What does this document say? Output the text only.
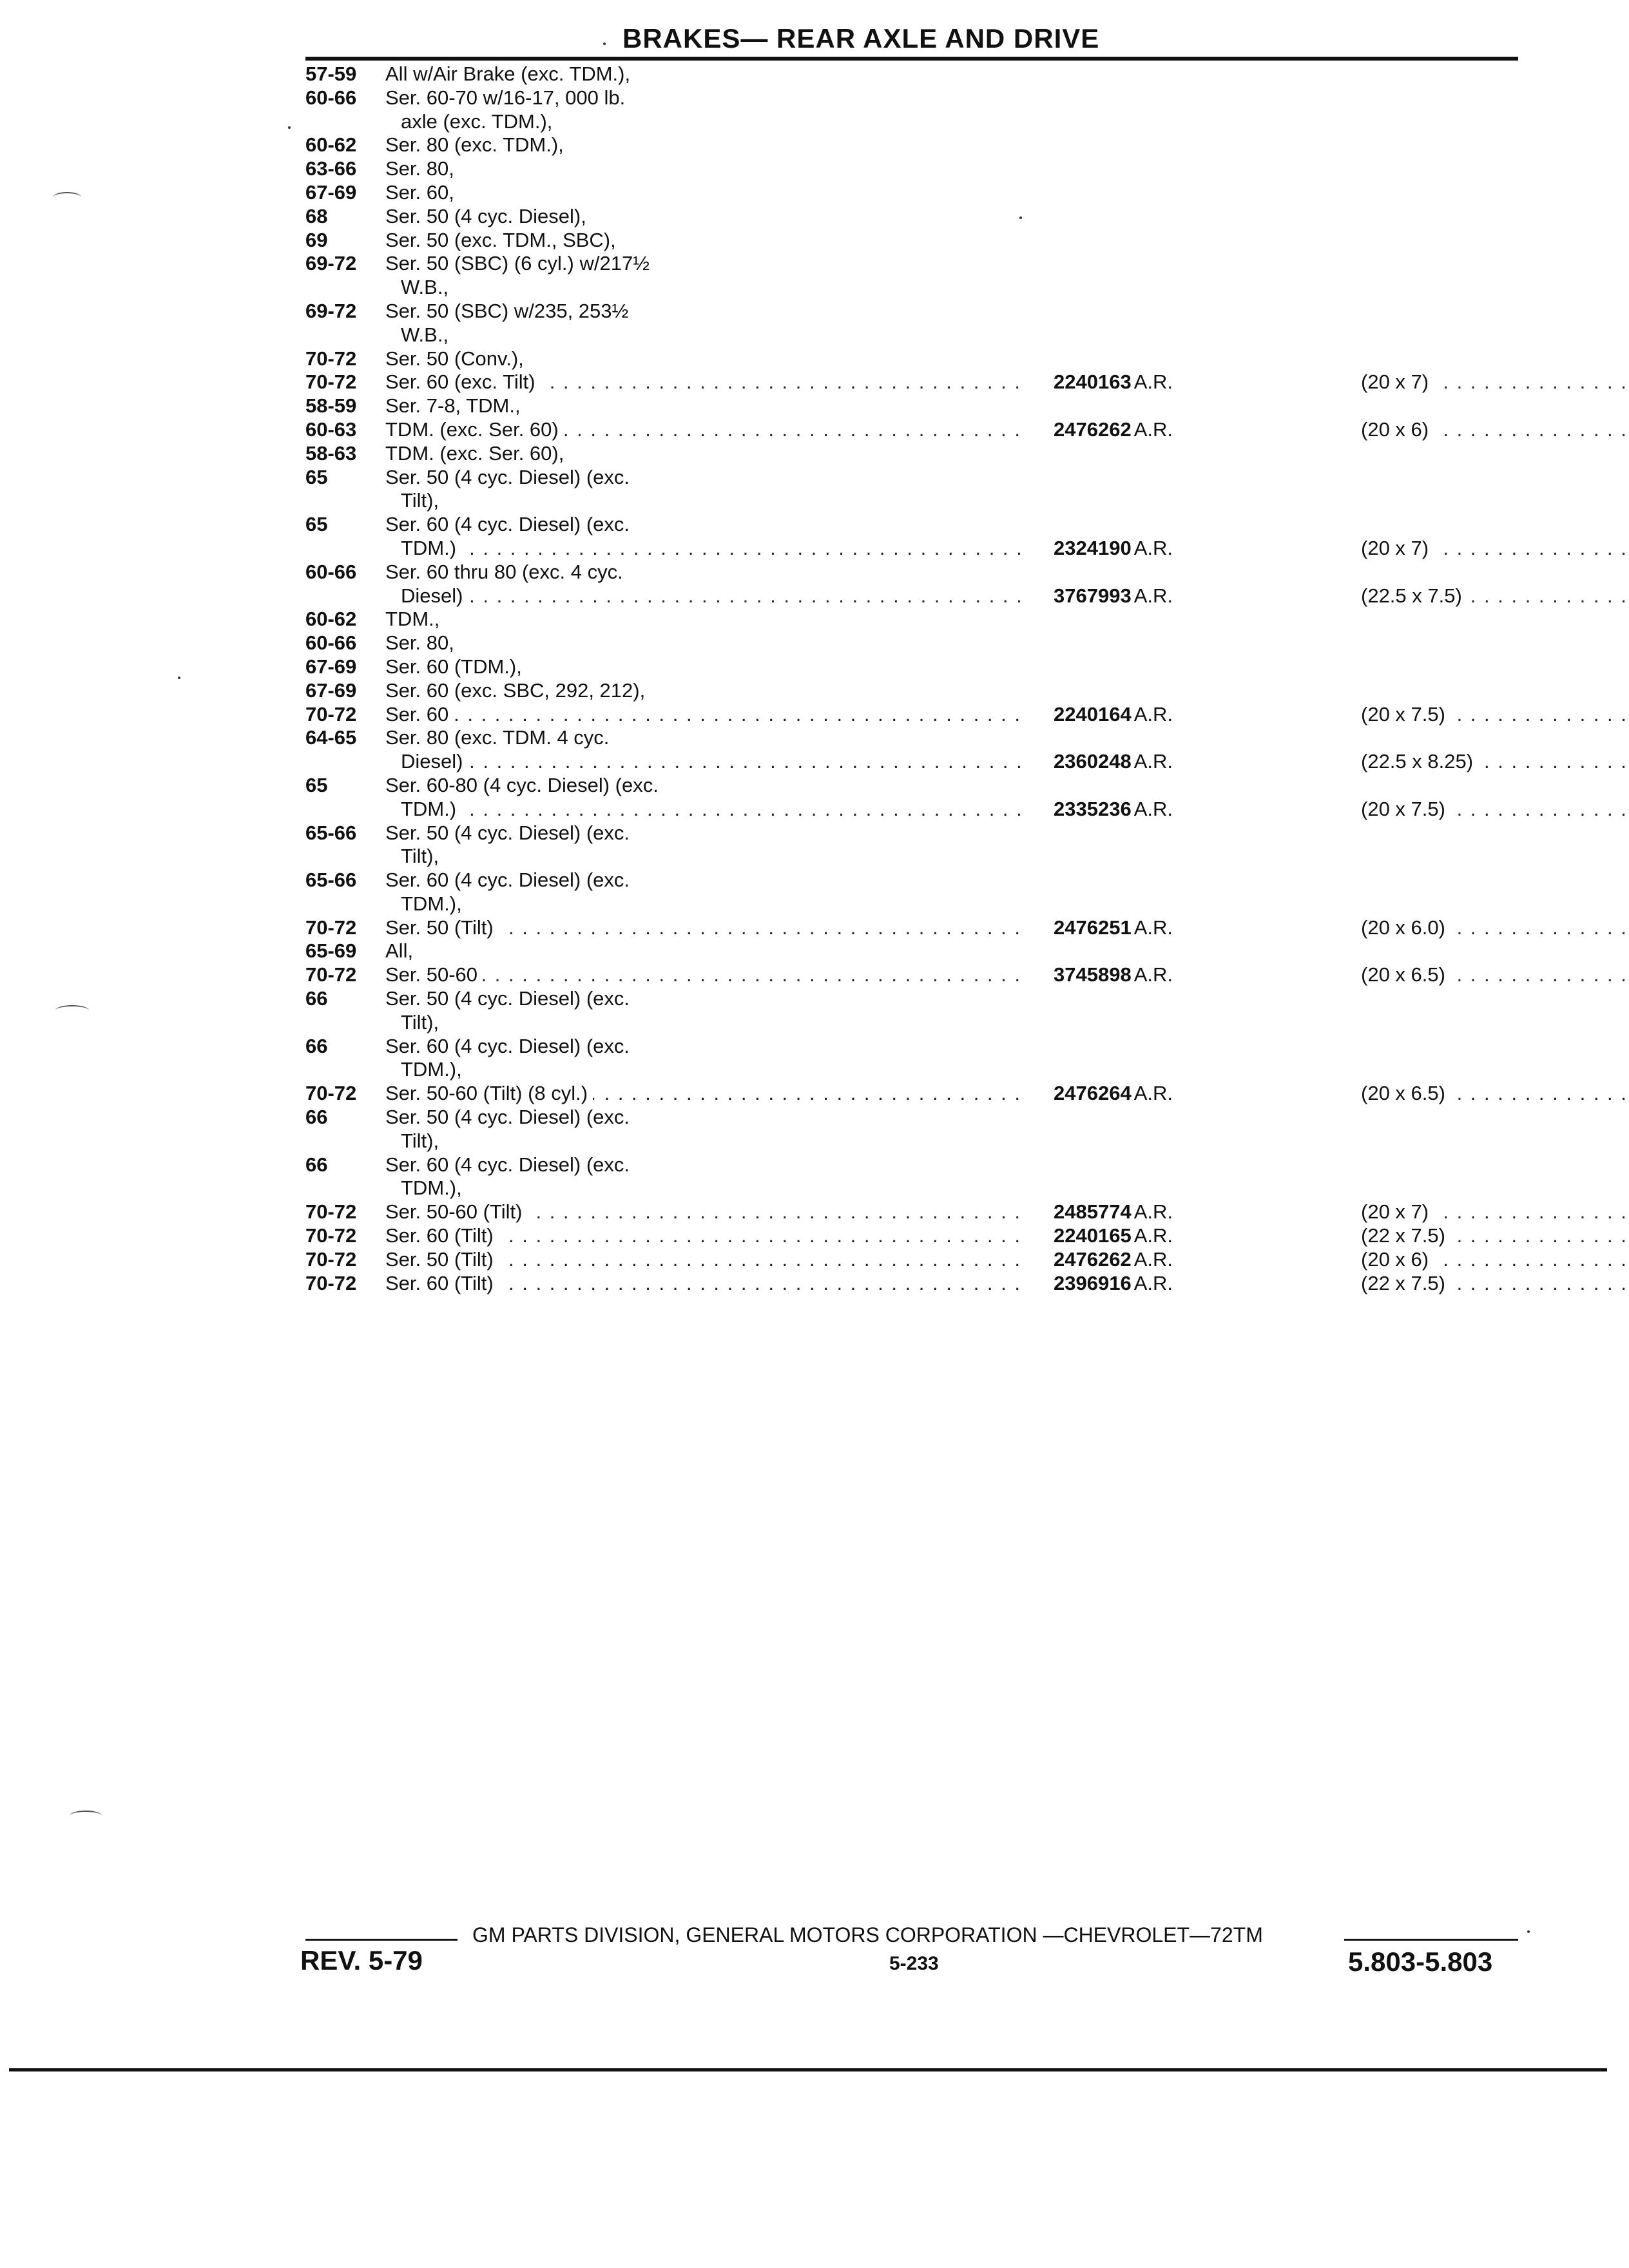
BRAKES— REAR AXLE AND DRIVE
57-59	All w/Air Brake (exc. TDM.),
60-66	Ser. 60-70 w/16-17, 000 lb.
axle (exc. TDM.),
60-62	Ser. 80 (exc. TDM.),
63-66	Ser. 80,
67-69	Ser. 60,
68	Ser. 50 (4 cyc. Diesel),
69	Ser. 50 (exc. TDM., SBC),
69-72	Ser. 50 (SBC) (6 cyl.) w/217½
W.B.,
69-72	Ser. 50 (SBC) w/235, 253½
W.B.,
70-72	Ser. 50 (Conv.),
70-72	Ser. 60 (exc. Tilt) . . .	2240163 A.R.	(20 x 7) . . .
58-59	Ser. 7-8, TDM.,
60-63	TDM. (exc. Ser. 60) . . .	2476262 A.R.	(20 x 6) . . .
58-63	TDM. (exc. Ser. 60),
65	Ser. 50 (4 cyc. Diesel) (exc.
Tilt),
65	Ser. 60 (4 cyc. Diesel) (exc.
TDM.) . . .	2324190 A.R.	(20 x 7) . . .
60-66	Ser. 60 thru 80 (exc. 4 cyc.
Diesel) . . .	3767993 A.R.	(22.5 x 7.5) . . .
60-62	TDM.,
60-66	Ser. 80,
67-69	Ser. 60 (TDM.),
67-69	Ser. 60 (exc. SBC, 292, 212),
70-72	Ser. 60 . . .	2240164 A.R.	(20 x 7.5) . . .
64-65	Ser. 80 (exc. TDM. 4 cyc.
Diesel) . . .	2360248 A.R.	(22.5 x 8.25) . . .
65	Ser. 60-80 (4 cyc. Diesel) (exc.
TDM.) . . .	2335236 A.R.	(20 x 7.5) . . .
65-66	Ser. 50 (4 cyc. Diesel) (exc.
Tilt),
65-66	Ser. 60 (4 cyc. Diesel) (exc.
TDM.),
70-72	Ser. 50 (Tilt) . . .	2476251 A.R.	(20 x 6.0) . . .
65-69	All,
70-72	Ser. 50-60 . . .	3745898 A.R.	(20 x 6.5) . . .
66	Ser. 50 (4 cyc. Diesel) (exc.
Tilt),
66	Ser. 60 (4 cyc. Diesel) (exc.
TDM.),
70-72	Ser. 50-60 (Tilt) (8 cyl.) . . .	2476264 A.R.	(20 x 6.5) . . .
66	Ser. 50 (4 cyc. Diesel) (exc.
Tilt),
66	Ser. 60 (4 cyc. Diesel) (exc.
TDM.),
70-72	Ser. 50-60 (Tilt) . . .	2485774 A.R.	(20 x 7) . . .
70-72	Ser. 60 (Tilt) . . .	2240165 A.R.	(22 x 7.5) . . .
70-72	Ser. 50 (Tilt) . . .	2476262 A.R.	(20 x 6) . . .
70-72	Ser. 60 (Tilt) . . .	2396916 A.R.	(22 x 7.5) . . .
GM PARTS DIVISION, GENERAL MOTORS CORPORATION —CHEVROLET—72TM
REV. 5-79	5-233	5.803-5.803
